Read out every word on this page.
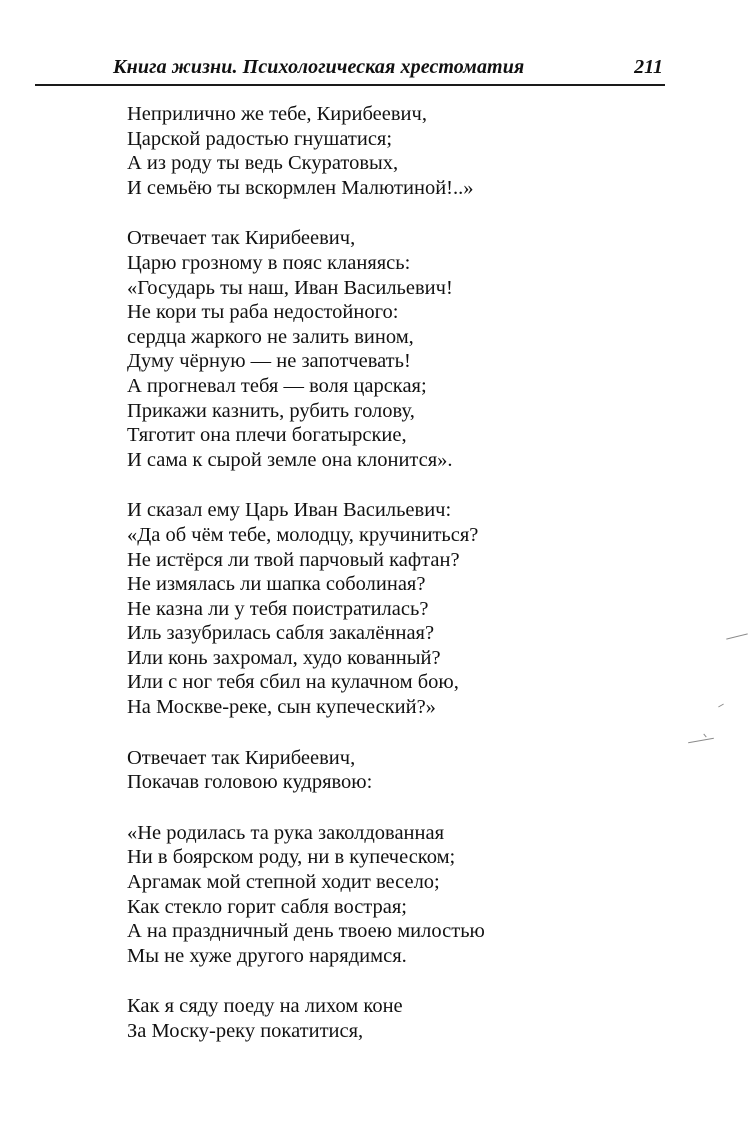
Книга жизни. Психологическая хрестоматия	211
Неприлично же тебе, Кирибеевич,
Царской радостью гнушатися;
А из роду ты ведь Скуратовых,
И семьёю ты вскормлен Малютиной!..»
Отвечает так Кирибеевич,
Царю грозному в пояс кланяясь:
«Государь ты наш, Иван Васильевич!
Не кори ты раба недостойного:
сердца жаркого не залить вином,
Думу чёрную — не запотчевать!
А прогневал тебя — воля царская;
Прикажи казнить, рубить голову,
Тяготит она плечи богатырские,
И сама к сырой земле она клонится».
И сказал ему Царь Иван Васильевич:
«Да об чём тебе, молодцу, кручиниться?
Не истёрся ли твой парчовый кафтан?
Не измялась ли шапка соболиная?
Не казна ли у тебя поистратилась?
Иль зазубрилась сабля закалённая?
Или конь захромал, худо кованный?
Или с ног тебя сбил на кулачном бою,
На Москве-реке, сын купеческий?»
Отвечает так Кирибеевич,
Покачав головою кудрявою:
«Не родилась та рука заколдованная
Ни в боярском роду, ни в купеческом;
Аргамак мой степной ходит весело;
Как стекло горит сабля вострая;
А на праздничный день твоею милостью
Мы не хуже другого нарядимся.
Как я сяду поеду на лихом коне
За Моску-реку покатитися,
